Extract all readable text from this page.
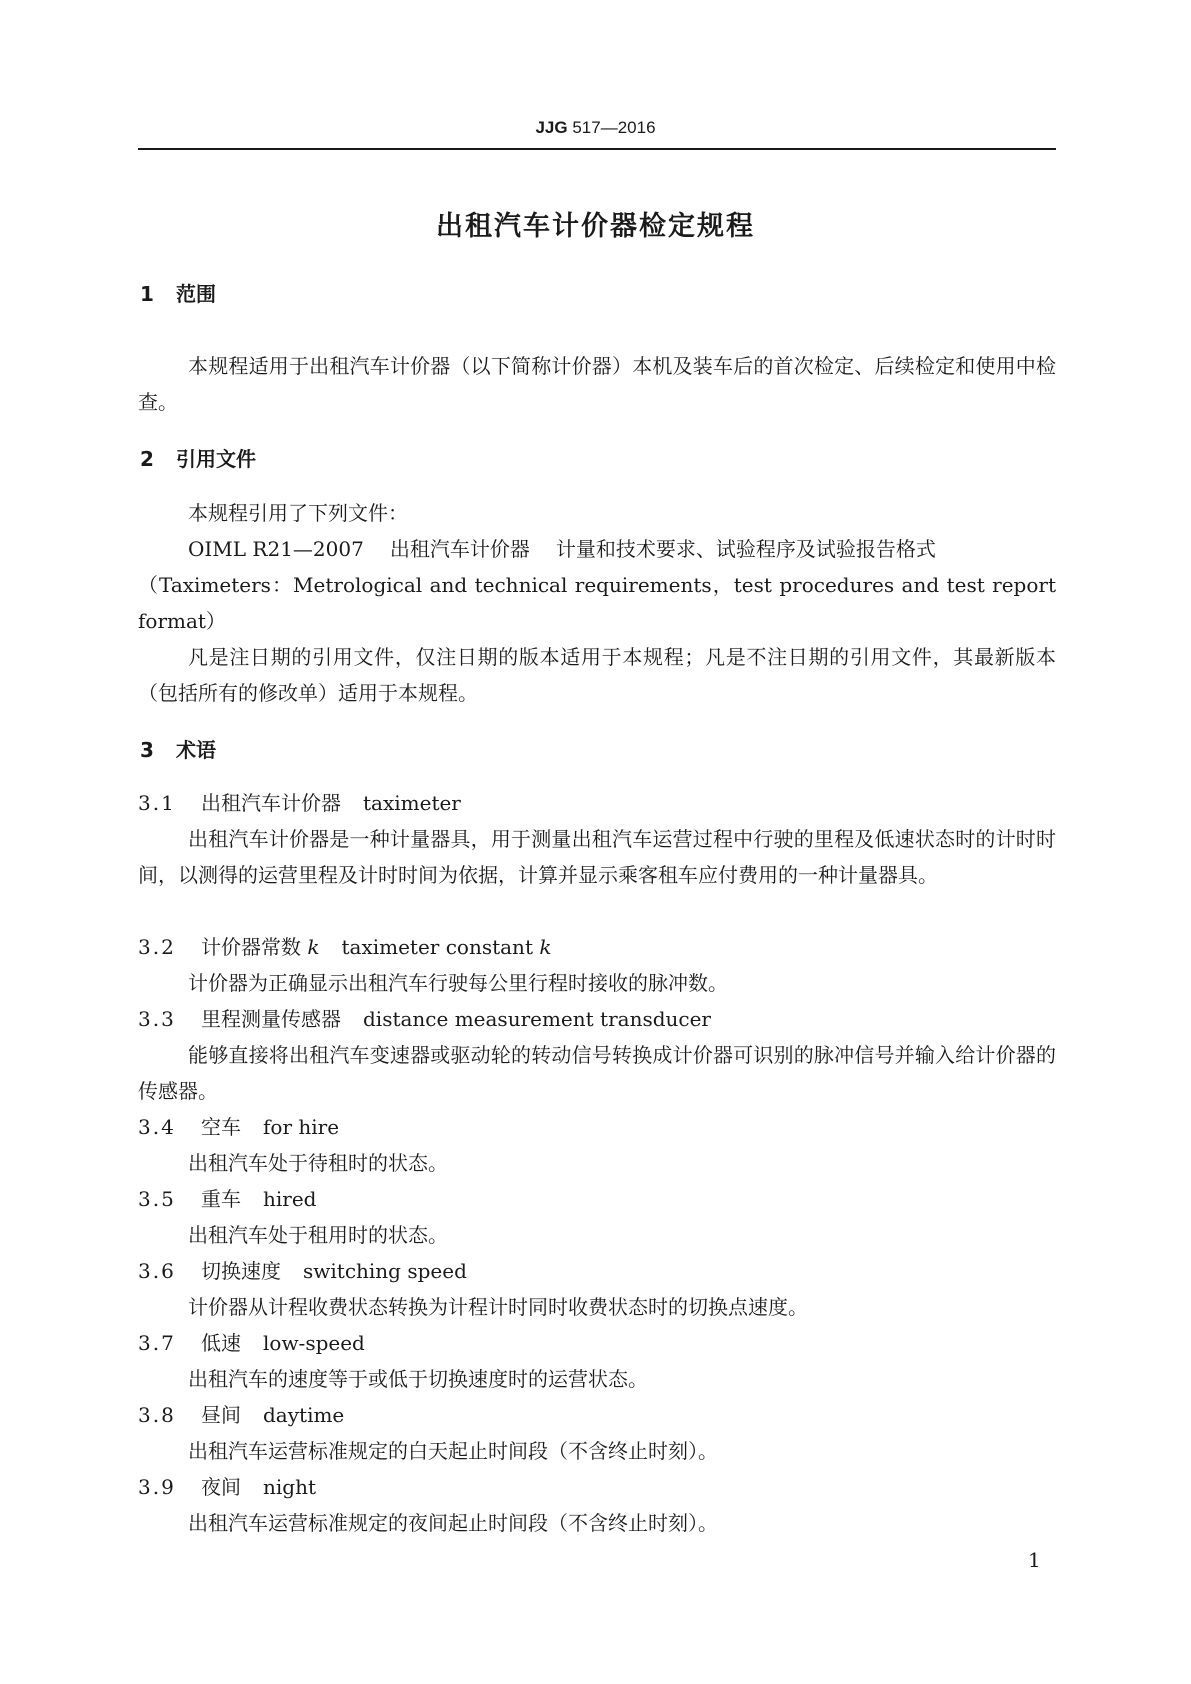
JJG 517—2016
出租汽车计价器检定规程
1 范围

本规程适用于出租汽车计价器（以下简称计价器）本机及装车后的首次检定、后续检定和使用中检查。

2 引用文件
本规程引用了下列文件：
OIML R21—2007 出租汽车计价器 计量和技术要求、试验程序及试验报告格式

（Taximeters：Metrological and technical requirements，test procedures and test report format）

凡是注日期的引用文件，仅注日期的版本适用于本规程；凡是不注日期的引用文件，其最新版本（包括所有的修改单）适用于本规程。

3 术语
3.1 出租汽车计价器 taximeter

出租汽车计价器是一种计量器具，用于测量出租汽车运营过程中行驶的里程及低速状态时的计时时间，以测得的运营里程及计时时间为依据，计算并显示乘客租车应付费用的一种计量器具。

3.2 计价器常数 k taximeter constant k
计价器为正确显示出租汽车行驶每公里行程时接收的脉冲数。
3.3 里程测量传感器 distance measurement transducer

能够直接将出租汽车变速器或驱动轮的转动信号转换成计价器可识别的脉冲信号并输入给计价器的传感器。

3.4 空车 for hire
出租汽车处于待租时的状态。
3.5 重车 hired
出租汽车处于租用时的状态。
3.6 切换速度 switching speed
计价器从计程收费状态转换为计程计时同时收费状态时的切换点速度。
3.7 低速 low-speed
出租汽车的速度等于或低于切换速度时的运营状态。
3.8 昼间 daytime
出租汽车运营标准规定的白天起止时间段（不含终止时刻）。
3.9 夜间 night
出租汽车运营标准规定的夜间起止时间段（不含终止时刻）。
1
